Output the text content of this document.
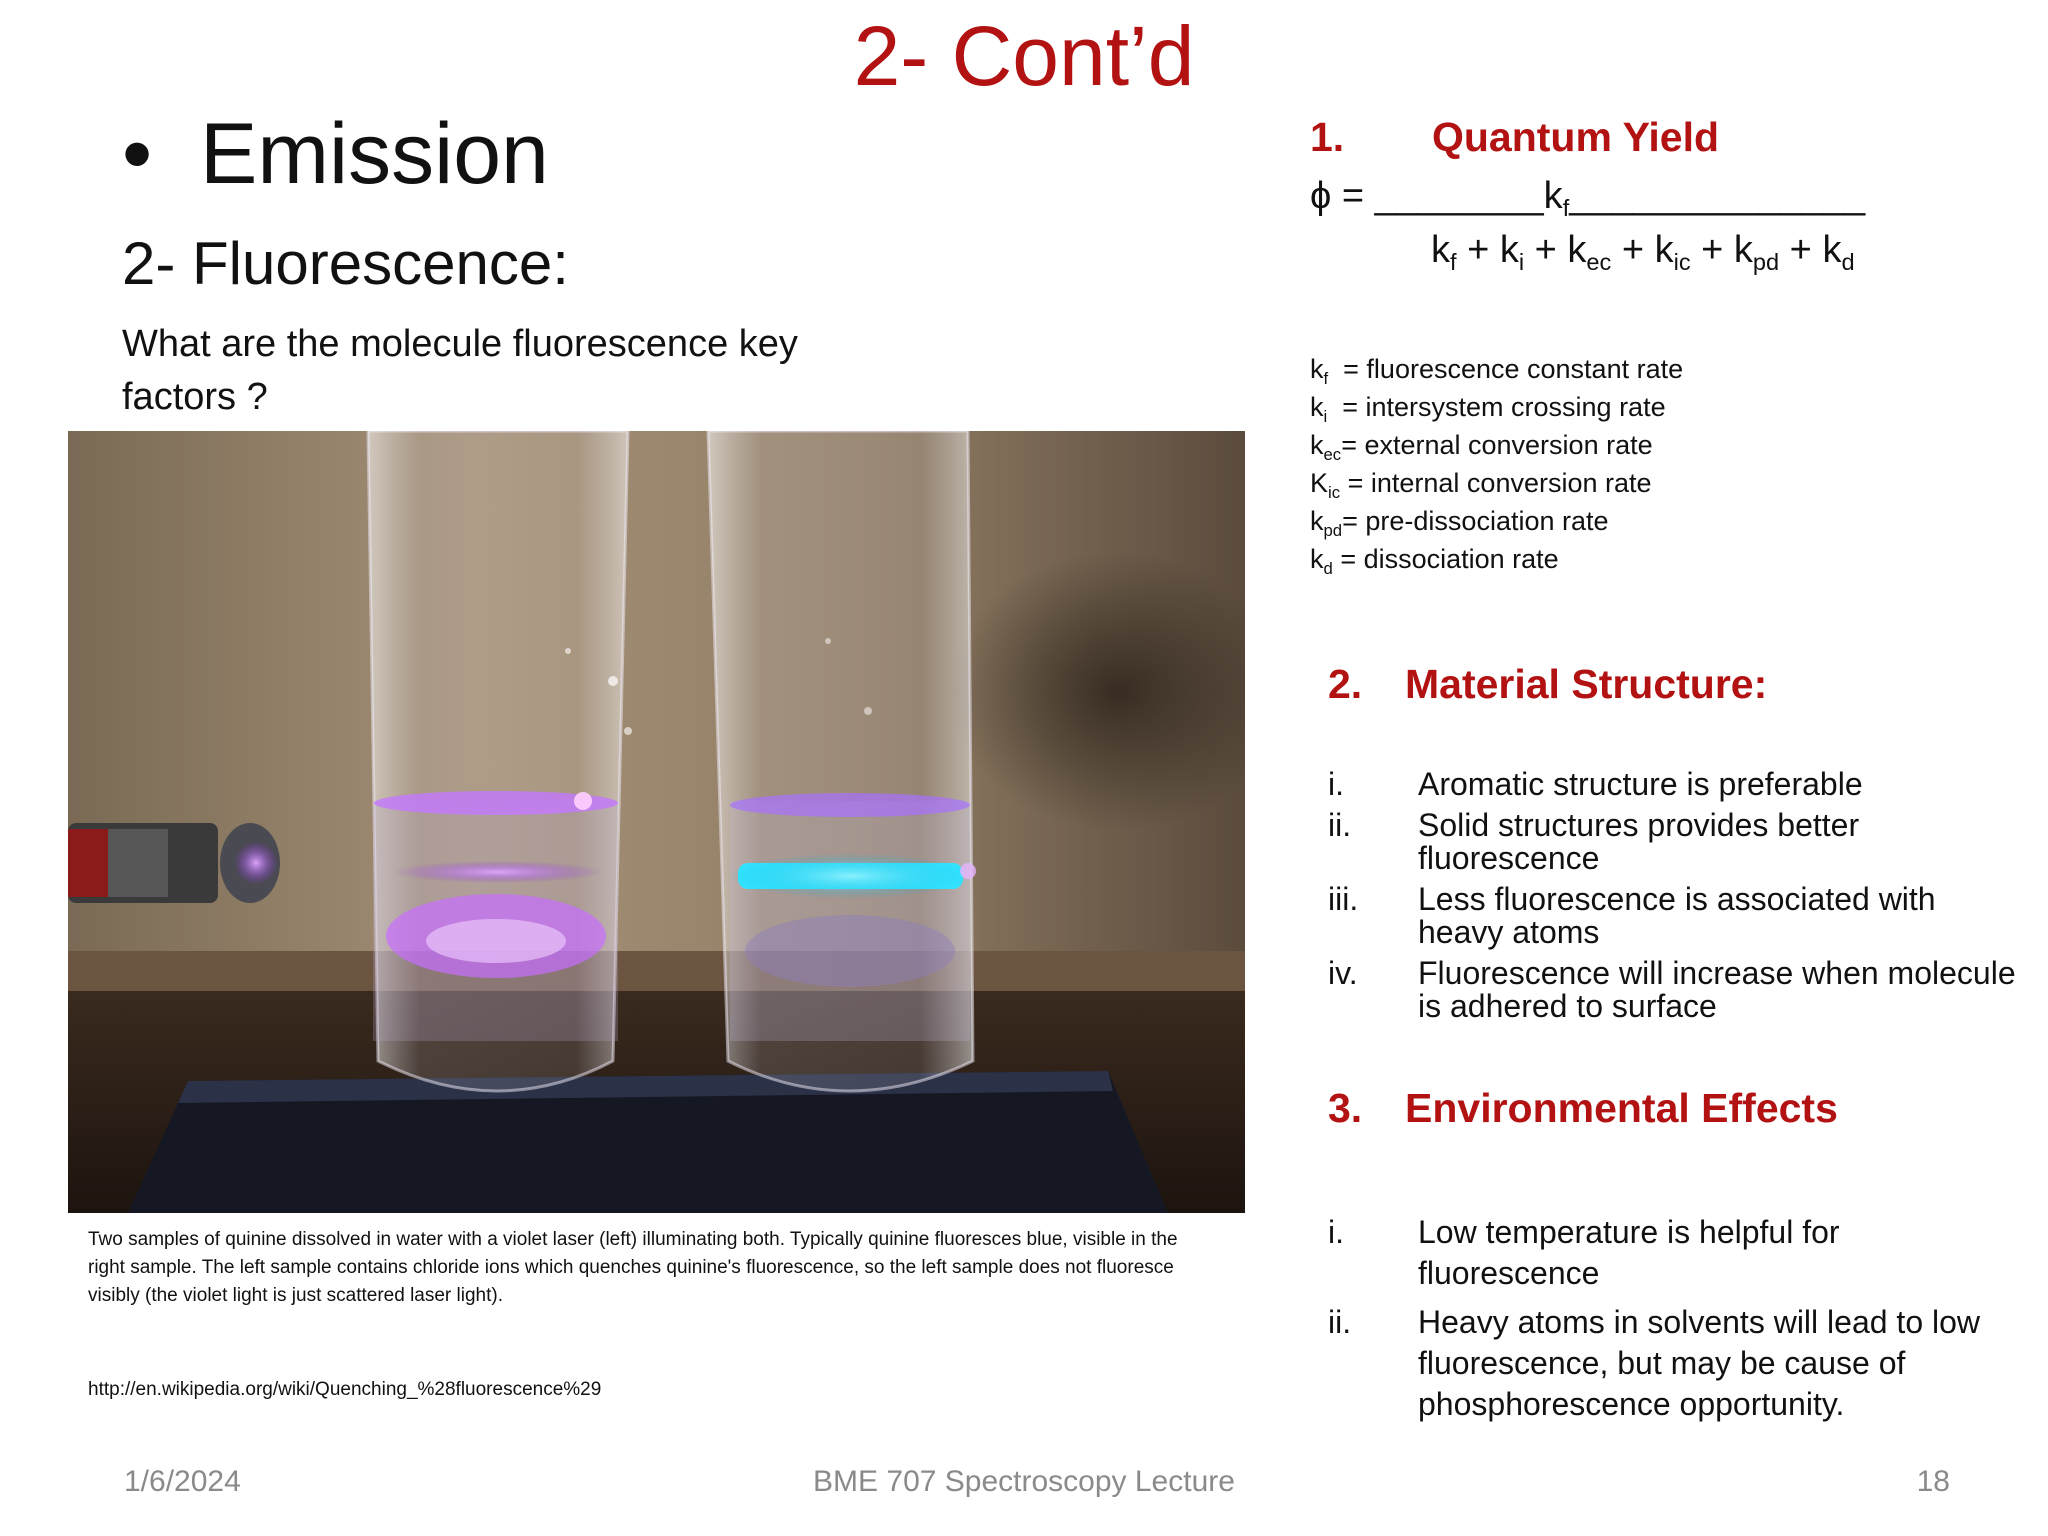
2- Cont’d
• Emission
2- Fluorescence:
What are the molecule fluorescence key factors ?
Two samples of quinine dissolved in water with a violet laser (left) illuminating both. Typically quinine fluoresces blue, visible in the right sample. The left sample contains chloride ions which quenches quinine's fluorescence, so the left sample does not fluoresce visibly (the violet light is just scattered laser light).
http://en.wikipedia.org/wiki/Quenching_%28fluorescence%29
1. Quantum Yield
$\phi = \_\_\_\_\_\_\_\_k_f\_\_\_\_\_\_\_\_\_\_\_\_\_\_$
$k_f + k_i + k_{ec} + k_{ic} + k_{pd} + k_d$
$k_f$  = fluorescence constant rate
$k_i$  = intersystem crossing rate
$k_{ec}=$ external conversion rate
$K_{ic}$ = internal conversion rate
$k_{pd}=$ pre-dissociation rate
$k_d$ = dissociation rate
2. Material Structure:
i. Aromatic structure is preferable
ii. Solid structures provides better fluorescence
iii. Less fluorescence is associated with heavy atoms
iv. Fluorescence will increase when molecule is adhered to surface
3. Environmental Effects
i. Low temperature is helpful for fluorescence
ii. Heavy atoms in solvents will lead to low fluorescence, but may be cause of phosphorescence opportunity.
1/6/2024	BME 707 Spectroscopy Lecture	18
